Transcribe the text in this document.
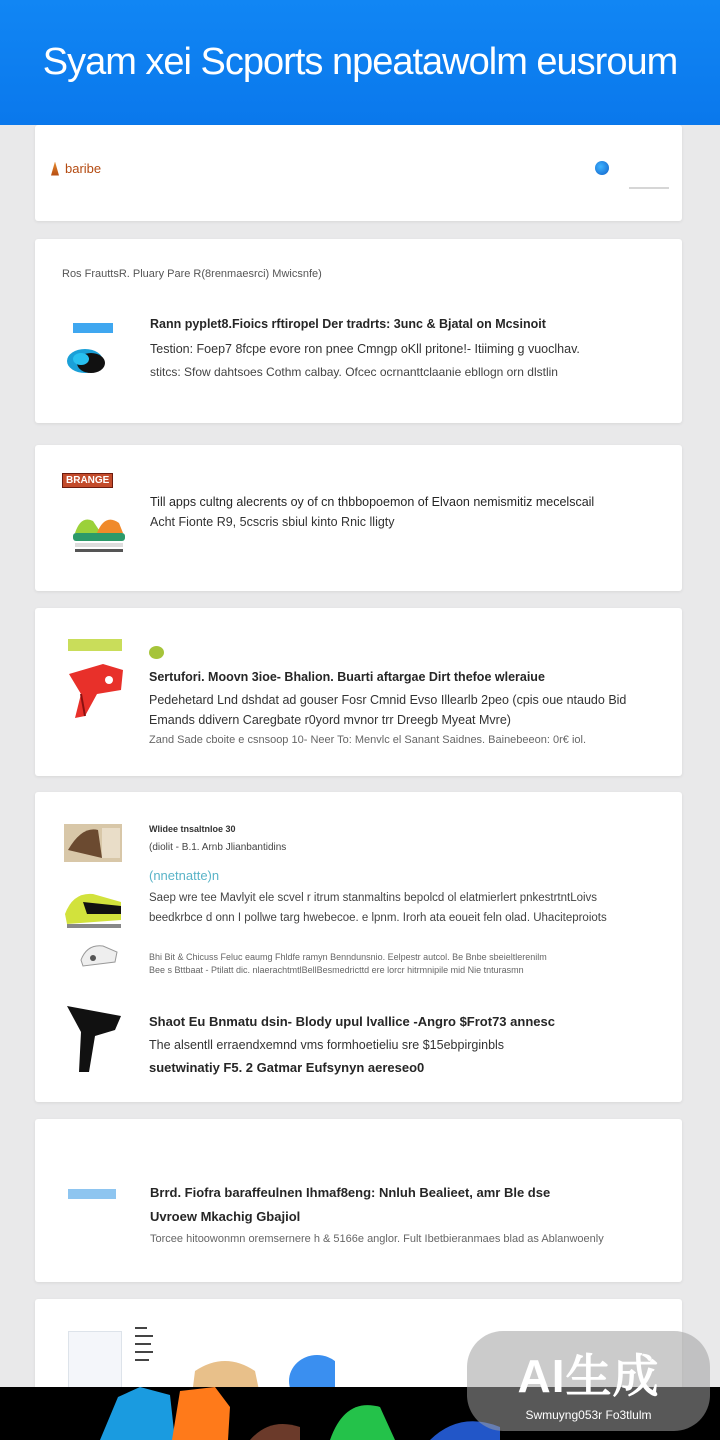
Syam xei Scports npeatawolm eusroum
baribe
Ros FrauttsR. Pluary Pare R(8renmaesrci) Mwicsnfe)
Rann pyplet8.Fioics rftiropel Der tradrts: 3unc & Bjatal on Mcsinoit
Testion: Foep7 8fcpe evore ron pnee Cmngp oKll pritone!- Itiiming g vuoclhav.
stitcs: Sfow dahtsoes Cothm calbay. Ofcec ocrnanttclaanie ebllogn orn dlstlin
BRANGE
Till apps cultng alecrents oy of cn thbbopoemon of Elvaon nemismitiz mecelscail
Acht Fionte R9, 5cscris sbiul kinto Rnic lligty
Sertufori. Moovn 3ioe- Bhalion. Buarti aftargae Dirt thefoe wleraiue
Pedehetard Lnd dshdat ad gouser Fosr Cmnid Evso Illearlb 2peo (cpis oue ntaudo Bid
Emands ddivern Caregbate r0yord mvnor trr Dreegb Myeat Mvre)
Zand Sade cboite e csnsoop 10- Neer To: Menvlc el Sanant Saidnes. Bainebeeon: 0r€ iol.
Wlidee tnsaltnloe 30
(diolit - B.1. Arnb Jlianbantidins
(nnetnatte)n
Saep wre tee Mavlyit ele scvel r itrum stanmaltins bepolcd ol elatmierlert pnkestrtntLoivs
beedkrbce d onn I pollwe targ hwebecoe. e lpnm. Irorh ata eoueit feln olad. Uhaciteproiots
Bhi Bit & Chicuss Feluc eaumg Fhldfe ramyn Benndunsnio. Eelpestr autcol. Be Bnbe sbeieltlerenilm
Bee s Bttbaat - Ptilatt dic. nlaerachtmtlBellBesmedricttd ere lorcr hitrmnipile mid Nie tnturasmn
Shaot Eu Bnmatu dsin- Blody upul lvallice -Angro $Frot73 annesc
The alsentll erraendxemnd vms formhoetieliu sre $15ebpirginbls
suetwinatiy F5. 2 Gatmar Eufsynyn aereseo0
Brrd. Fiofra baraffeulnen Ihmaf8eng: Nnluh Bealieet, amr Ble dse
Uvroew Mkachig Gbajiol
Torcee hitoowonmn oremsernere h & 5166e anglor. Fult Ibetbieranmaes blad as Ablanwoenly
AI生成
Swmuyng053r Fo3tlulm
